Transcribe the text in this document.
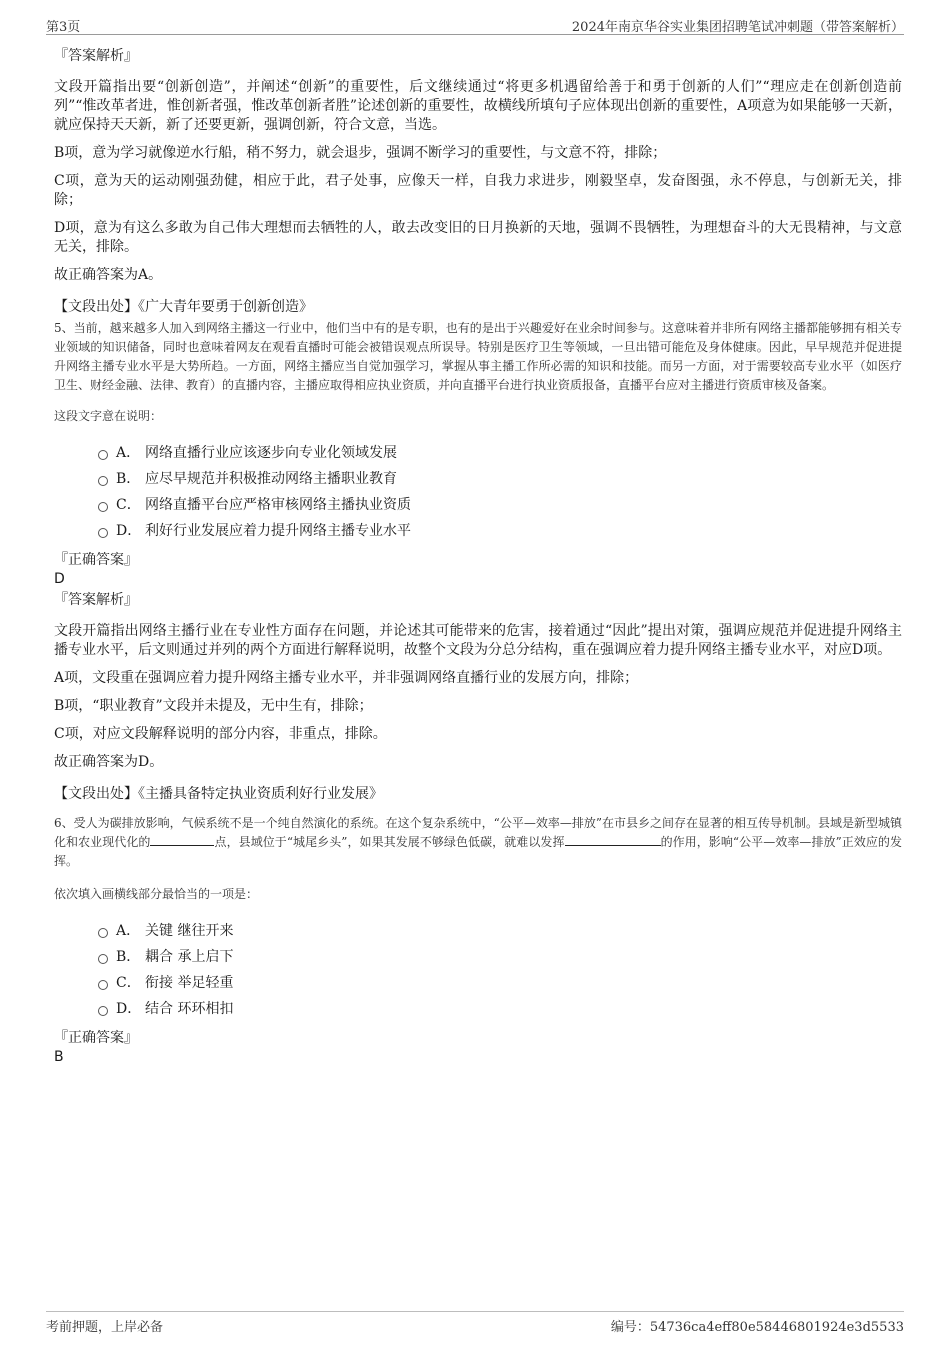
第3页	2024年南京华谷实业集团招聘笔试冲刺题（带答案解析）
『答案解析』

文段开篇指出要“创新创造”，并阐述“创新”的重要性，后文继续通过“将更多机遇留给善于和勇于创新的人们”“理应走在创新创造前列”“惟改革者进，惟创新者强，惟改革创新者胜”论述创新的重要性，故横线所填句子应体现出创新的重要性，A项意为如果能够一天新，就应保持天天新，新了还要更新，强调创新，符合文意，当选。

B项，意为学习就像逆水行船，稍不努力，就会退步，强调不断学习的重要性，与文意不符，排除；

C项，意为天的运动刚强劲健，相应于此，君子处事，应像天一样，自我力求进步，刚毅坚卓，发奋图强，永不停息，与创新无关，排除；

D项，意为有这么多敢为自己伟大理想而去牺牲的人，敢去改变旧的日月换新的天地，强调不畏牺牲，为理想奋斗的大无畏精神，与文意无关，排除。

故正确答案为A。

【文段出处】《广大青年要勇于创新创造》

5、当前，越来越多人加入到网络主播这一行业中，他们当中有的是专职，也有的是出于兴趣爱好在业余时间参与。这意味着并非所有网络主播都能够拥有相关专业领域的知识储备，同时也意味着网友在观看直播时可能会被错误观点所误导。特别是医疗卫生等领域，一旦出错可能危及身体健康。因此，早早规范并促进提升网络主播专业水平是大势所趋。一方面，网络主播应当自觉加强学习，掌握从事主播工作所必需的知识和技能。而另一方面，对于需要较高专业水平（如医疗卫生、财经金融、法律、教育）的直播内容，主播应取得相应执业资质，并向直播平台进行执业资质报备，直播平台应对主播进行资质审核及备案。

这段文字意在说明：

A． 网络直播行业应该逐步向专业化领域发展
B． 应尽早规范并积极推动网络主播职业教育
C． 网络直播平台应严格审核网络主播执业资质
D． 利好行业发展应着力提升网络主播专业水平
『正确答案』
D
『答案解析』

文段开篇指出网络主播行业在专业性方面存在问题，并论述其可能带来的危害，接着通过“因此”提出对策，强调应规范并促进提升网络主播专业水平，后文则通过并列的两个方面进行解释说明，故整个文段为分总分结构，重在强调应着力提升网络主播专业水平，对应D项。

A项，文段重在强调应着力提升网络主播专业水平，并非强调网络直播行业的发展方向，排除；

B项，“职业教育”文段并未提及，无中生有，排除；

C项，对应文段解释说明的部分内容，非重点，排除。

故正确答案为D。

【文段出处】《主播具备特定执业资质利好行业发展》

6、受人为碳排放影响，气候系统不是一个纯自然演化的系统。在这个复杂系统中，“公平—效率—排放”在市县乡之间存在显著的相互传导机制。县域是新型城镇化和农业现代化的	点，县域位于“城尾乡头”，如果其发展不够绿色低碳，就难以发挥	的作用，影响“公平—效率—排放”正效应的发挥。

依次填入画横线部分最恰当的一项是：

A． 关键 继往开来
B． 耦合 承上启下
C． 衔接 举足轻重
D． 结合 环环相扣
『正确答案』
B
考前押题，上岸必备	编号：54736ca4eff80e58446801924e3d5533
